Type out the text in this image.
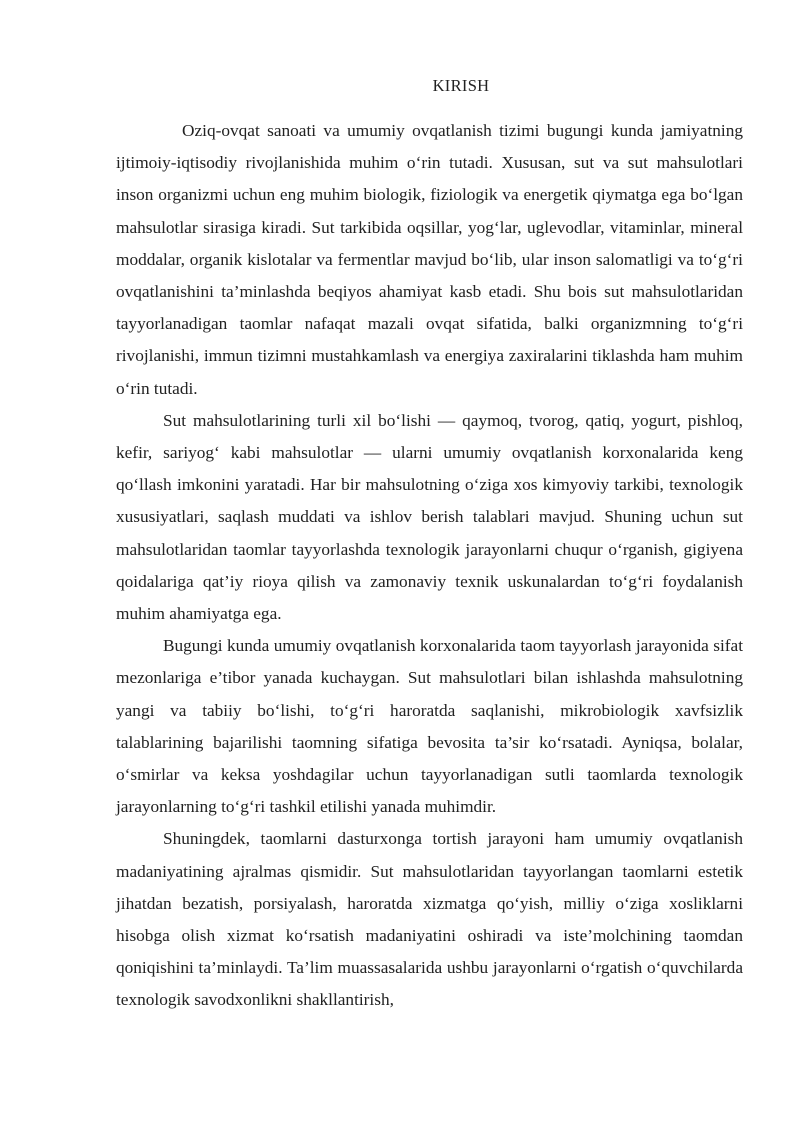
KIRISH

Oziq-ovqat sanoati va umumiy ovqatlanish tizimi bugungi kunda jamiyatning ijtimoiy-iqtisodiy rivojlanishida muhim o‘rin tutadi. Xususan, sut va sut mahsulotlari inson organizmi uchun eng muhim biologik, fiziologik va energetik qiymatga ega bo‘lgan mahsulotlar sirasiga kiradi. Sut tarkibida oqsillar, yog‘lar, uglevodlar, vitaminlar, mineral moddalar, organik kislotalar va fermentlar mavjud bo‘lib, ular inson salomatligi va to‘g‘ri ovqatlanishini ta’minlashda beqiyos ahamiyat kasb etadi. Shu bois sut mahsulotlaridan tayyorlanadigan taomlar nafaqat mazali ovqat sifatida, balki organizmning to‘g‘ri rivojlanishi, immun tizimni mustahkamlash va energiya zaxiralarini tiklashda ham muhim o‘rin tutadi.

Sut mahsulotlarining turli xil bo‘lishi — qaymoq, tvorog, qatiq, yogurt, pishloq, kefir, sariyog‘ kabi mahsulotlar — ularni umumiy ovqatlanish korxonalarida keng qo‘llash imkonini yaratadi. Har bir mahsulotning o‘ziga xos kimyoviy tarkibi, texnologik xususiyatlari, saqlash muddati va ishlov berish talablari mavjud. Shuning uchun sut mahsulotlaridan taomlar tayyorlashda texnologik jarayonlarni chuqur o‘rganish, gigiyena qoidalariga qat’iy rioya qilish va zamonaviy texnik uskunalardan to‘g‘ri foydalanish muhim ahamiyatga ega.

Bugungi kunda umumiy ovqatlanish korxonalarida taom tayyorlash jarayonida sifat mezonlariga e’tibor yanada kuchaygan. Sut mahsulotlari bilan ishlashda mahsulotning yangi va tabiiy bo‘lishi, to‘g‘ri haroratda saqlanishi, mikrobiologik xavfsizlik talablarining bajarilishi taomning sifatiga bevosita ta’sir ko‘rsatadi. Ayniqsa, bolalar, o‘smirlar va keksa yoshdagilar uchun tayyorlanadigan sutli taomlarda texnologik jarayonlarning to‘g‘ri tashkil etilishi yanada muhimdir.

Shuningdek, taomlarni dasturxonga tortish jarayoni ham umumiy ovqatlanish madaniyatining ajralmas qismidir. Sut mahsulotlaridan tayyorlangan taomlarni estetik jihatdan bezatish, porsiyalash, haroratda xizmatga qo‘yish, milliy o‘ziga xosliklarni hisobga olish xizmat ko‘rsatish madaniyatini oshiradi va iste’molchining taomdan qoniqishini ta’minlaydi. Ta’lim muassasalarida ushbu jarayonlarni o‘rgatish o‘quvchilarda texnologik savodxonlikni shakllantirish,
